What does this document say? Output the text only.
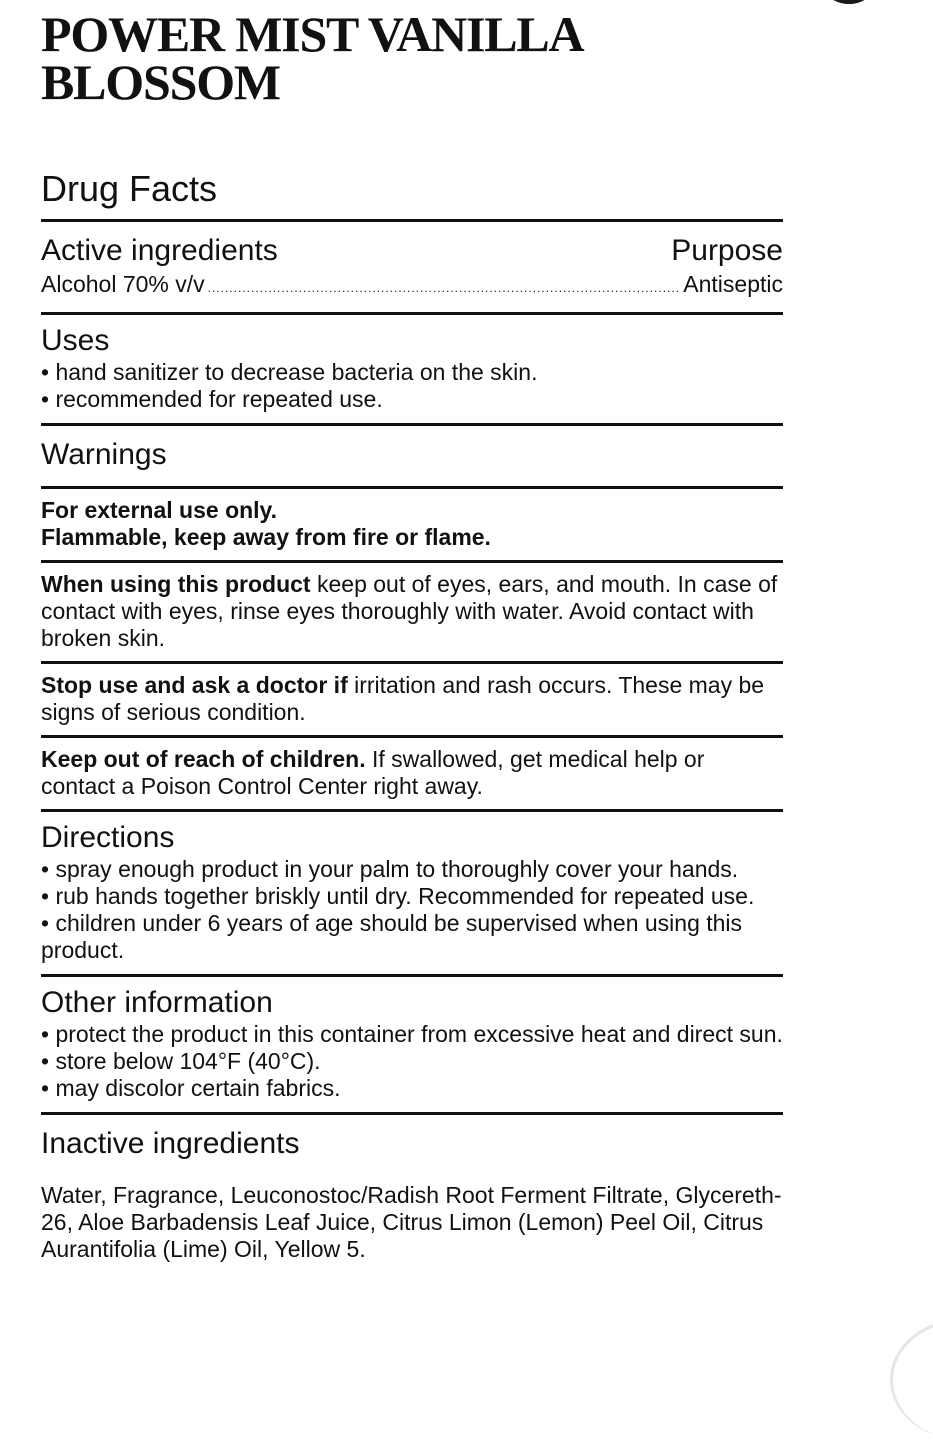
POWER MIST VANILLA BLOSSOM
Drug Facts
Active ingredients	Purpose
Alcohol 70% v/v
.....	Antiseptic
Uses
• hand sanitizer to decrease bacteria on the skin.
• recommended for repeated use.
Warnings
For external use only.
Flammable, keep away from fire or flame.
When using this product keep out of eyes, ears, and mouth. In case of contact with eyes, rinse eyes thoroughly with water. Avoid contact with broken skin.
Stop use and ask a doctor if irritation and rash occurs. These may be signs of serious condition.
Keep out of reach of children. If swallowed, get medical help or contact a Poison Control Center right away.
Directions
• spray enough product in your palm to thoroughly cover your hands.
• rub hands together briskly until dry. Recommended for repeated use.
• children under 6 years of age should be supervised when using this product.
Other information
• protect the product in this container from excessive heat and direct sun.
• store below 104°F (40°C).
• may discolor certain fabrics.
Inactive ingredients
Water, Fragrance, Leuconostoc/Radish Root Ferment Filtrate, Glycereth-26, Aloe Barbadensis Leaf Juice, Citrus Limon (Lemon) Peel Oil, Citrus Aurantifolia (Lime) Oil, Yellow 5.
